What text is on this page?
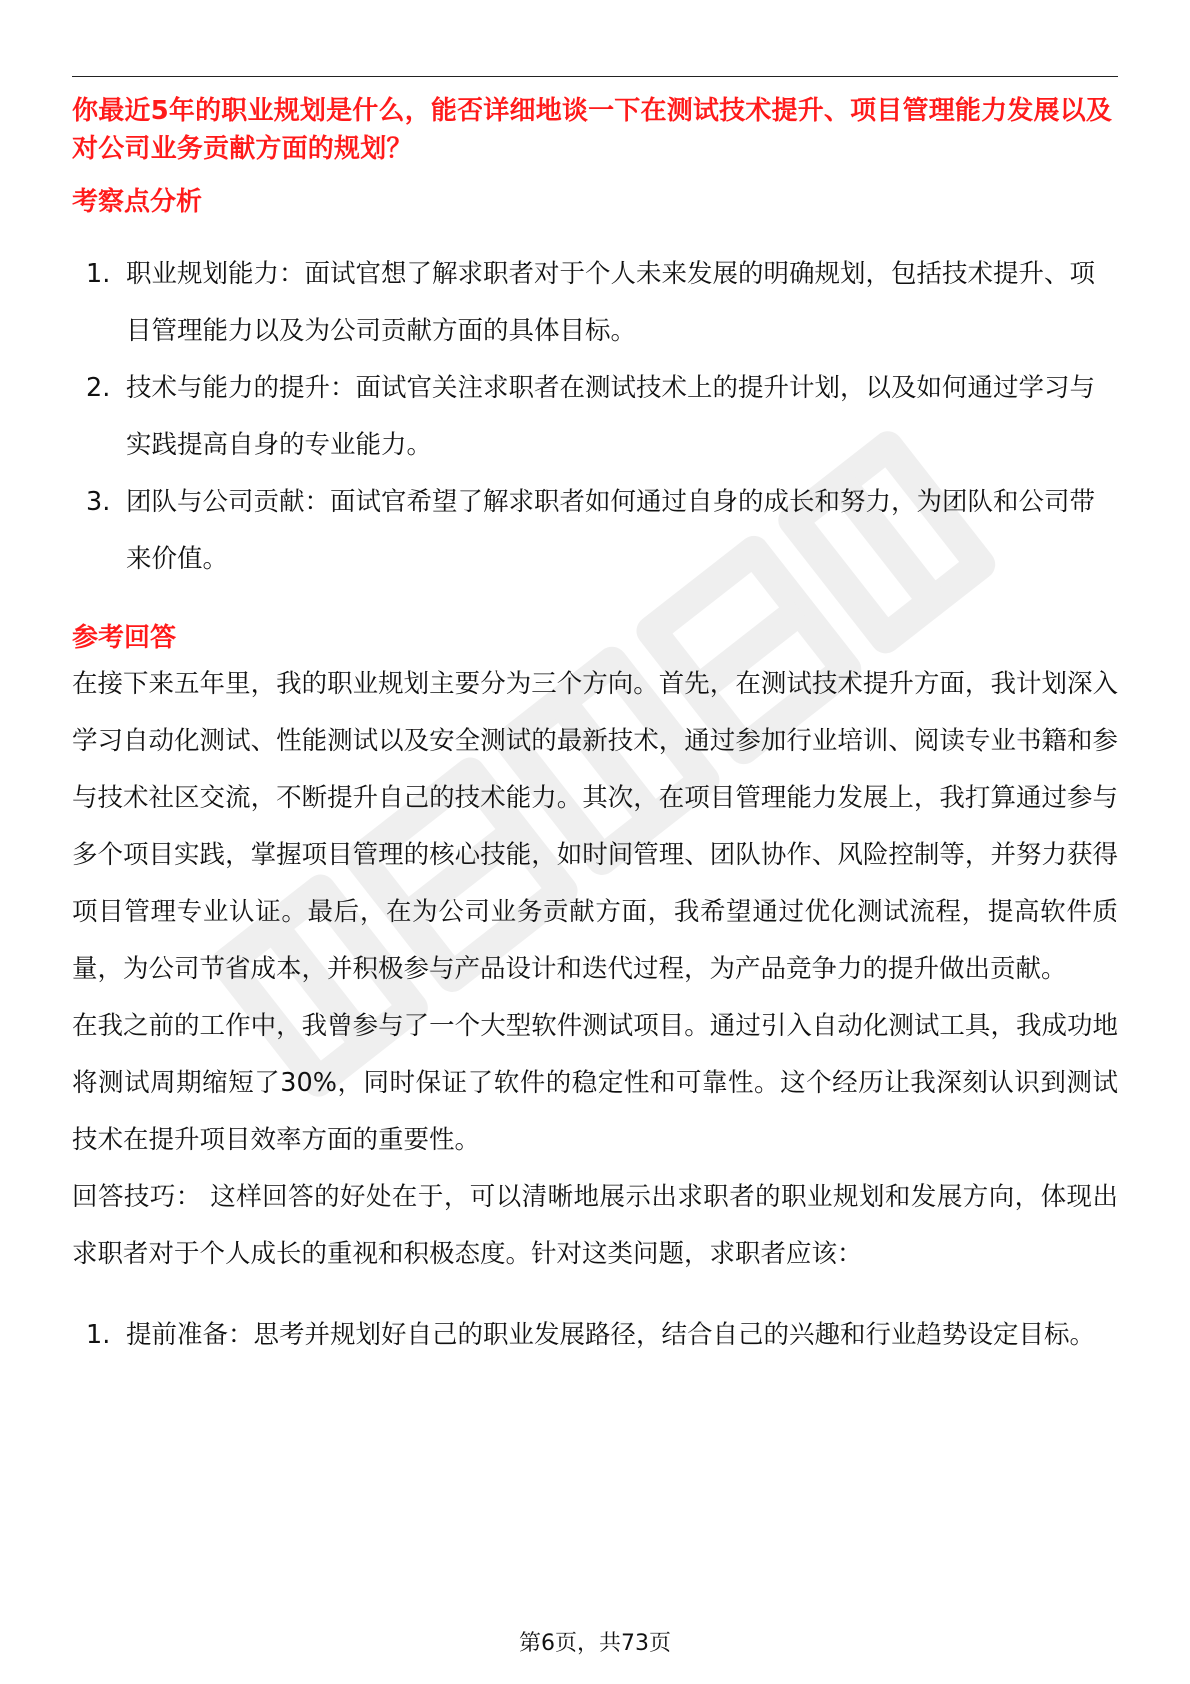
你最近5年的职业规划是什么，能否详细地谈一下在测试技术提升、项目管理能力发展以及对公司业务贡献方面的规划？
考察点分析
1. 职业规划能力：面试官想了解求职者对于个人未来发展的明确规划，包括技术提升、项目管理能力以及为公司贡献方面的具体目标。
2. 技术与能力的提升：面试官关注求职者在测试技术上的提升计划，以及如何通过学习与实践提高自身的专业能力。
3. 团队与公司贡献：面试官希望了解求职者如何通过自身的成长和努力，为团队和公司带来价值。
参考回答

在接下来五年里，我的职业规划主要分为三个方向。首先，在测试技术提升方面，我计划深入学习自动化测试、性能测试以及安全测试的最新技术，通过参加行业培训、阅读专业书籍和参与技术社区交流，不断提升自己的技术能力。其次，在项目管理能力发展上，我打算通过参与多个项目实践，掌握项目管理的核心技能，如时间管理、团队协作、风险控制等，并努力获得项目管理专业认证。最后，在为公司业务贡献方面，我希望通过优化测试流程，提高软件质量，为公司节省成本，并积极参与产品设计和迭代过程，为产品竞争力的提升做出贡献。

在我之前的工作中，我曾参与了一个大型软件测试项目。通过引入自动化测试工具，我成功地将测试周期缩短了30%，同时保证了软件的稳定性和可靠性。这个经历让我深刻认识到测试技术在提升项目效率方面的重要性。

回答技巧： 这样回答的好处在于，可以清晰地展示出求职者的职业规划和发展方向，体现出求职者对于个人成长的重视和积极态度。针对这类问题，求职者应该：

1. 提前准备：思考并规划好自己的职业发展路径，结合自己的兴趣和行业趋势设定目标。
第6页，共73页
